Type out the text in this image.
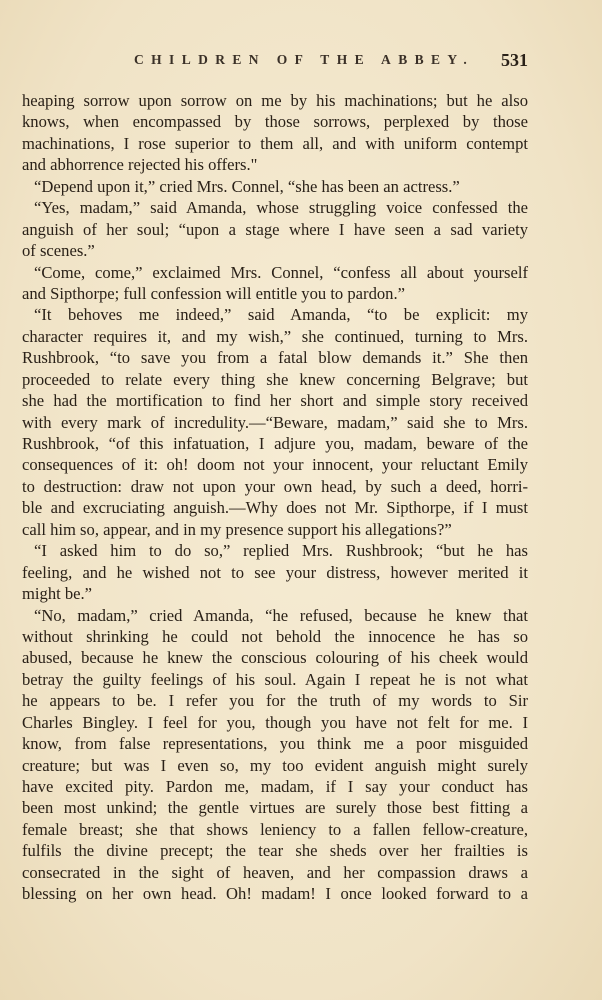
CHILDREN OF THE ABBEY. 531
heaping sorrow upon sorrow on me by his machinations; but he also
knows, when encompassed by those sorrows, perplexed by those
machinations, I rose superior to them all, and with uniform contempt
and abhorrence rejected his offers."
“Depend upon it,” cried Mrs. Connel, “she has been an actress.”
“Yes, madam,” said Amanda, whose struggling voice confessed the
anguish of her soul; “upon a stage where I have seen a sad variety
of scenes.”
“Come, come,” exclaimed Mrs. Connel, “confess all about yourself
and Sipthorpe; full confession will entitle you to pardon.”
“It behoves me indeed,” said Amanda, “to be explicit: my
character requires it, and my wish,” she continued, turning to Mrs.
Rushbrook, “to save you from a fatal blow demands it.” She then
proceeded to relate every thing she knew concerning Belgrave; but
she had the mortification to find her short and simple story received
with every mark of incredulity.—“Beware, madam,” said she to Mrs.
Rushbrook, “of this infatuation, I adjure you, madam, beware of the
consequences of it: oh! doom not your innocent, your reluctant Emily
to destruction: draw not upon your own head, by such a deed, horri-
ble and excruciating anguish.—Why does not Mr. Sipthorpe, if I must
call him so, appear, and in my presence support his allegations?”
“I asked him to do so,” replied Mrs. Rushbrook; “but he has
feeling, and he wished not to see your distress, however merited it
might be.”
“No, madam,” cried Amanda, “he refused, because he knew that
without shrinking he could not behold the innocence he has so
abused, because he knew the conscious colouring of his cheek would
betray the guilty feelings of his soul. Again I repeat he is not what
he appears to be. I refer you for the truth of my words to Sir
Charles Bingley. I feel for you, though you have not felt for me. I
know, from false representations, you think me a poor misguided
creature; but was I even so, my too evident anguish might surely
have excited pity. Pardon me, madam, if I say your conduct has
been most unkind; the gentle virtues are surely those best fitting a
female breast; she that shows leniency to a fallen fellow-creature,
fulfils the divine precept; the tear she sheds over her frailties is
consecrated in the sight of heaven, and her compassion draws a
blessing on her own head. Oh! madam! I once looked forward to a
